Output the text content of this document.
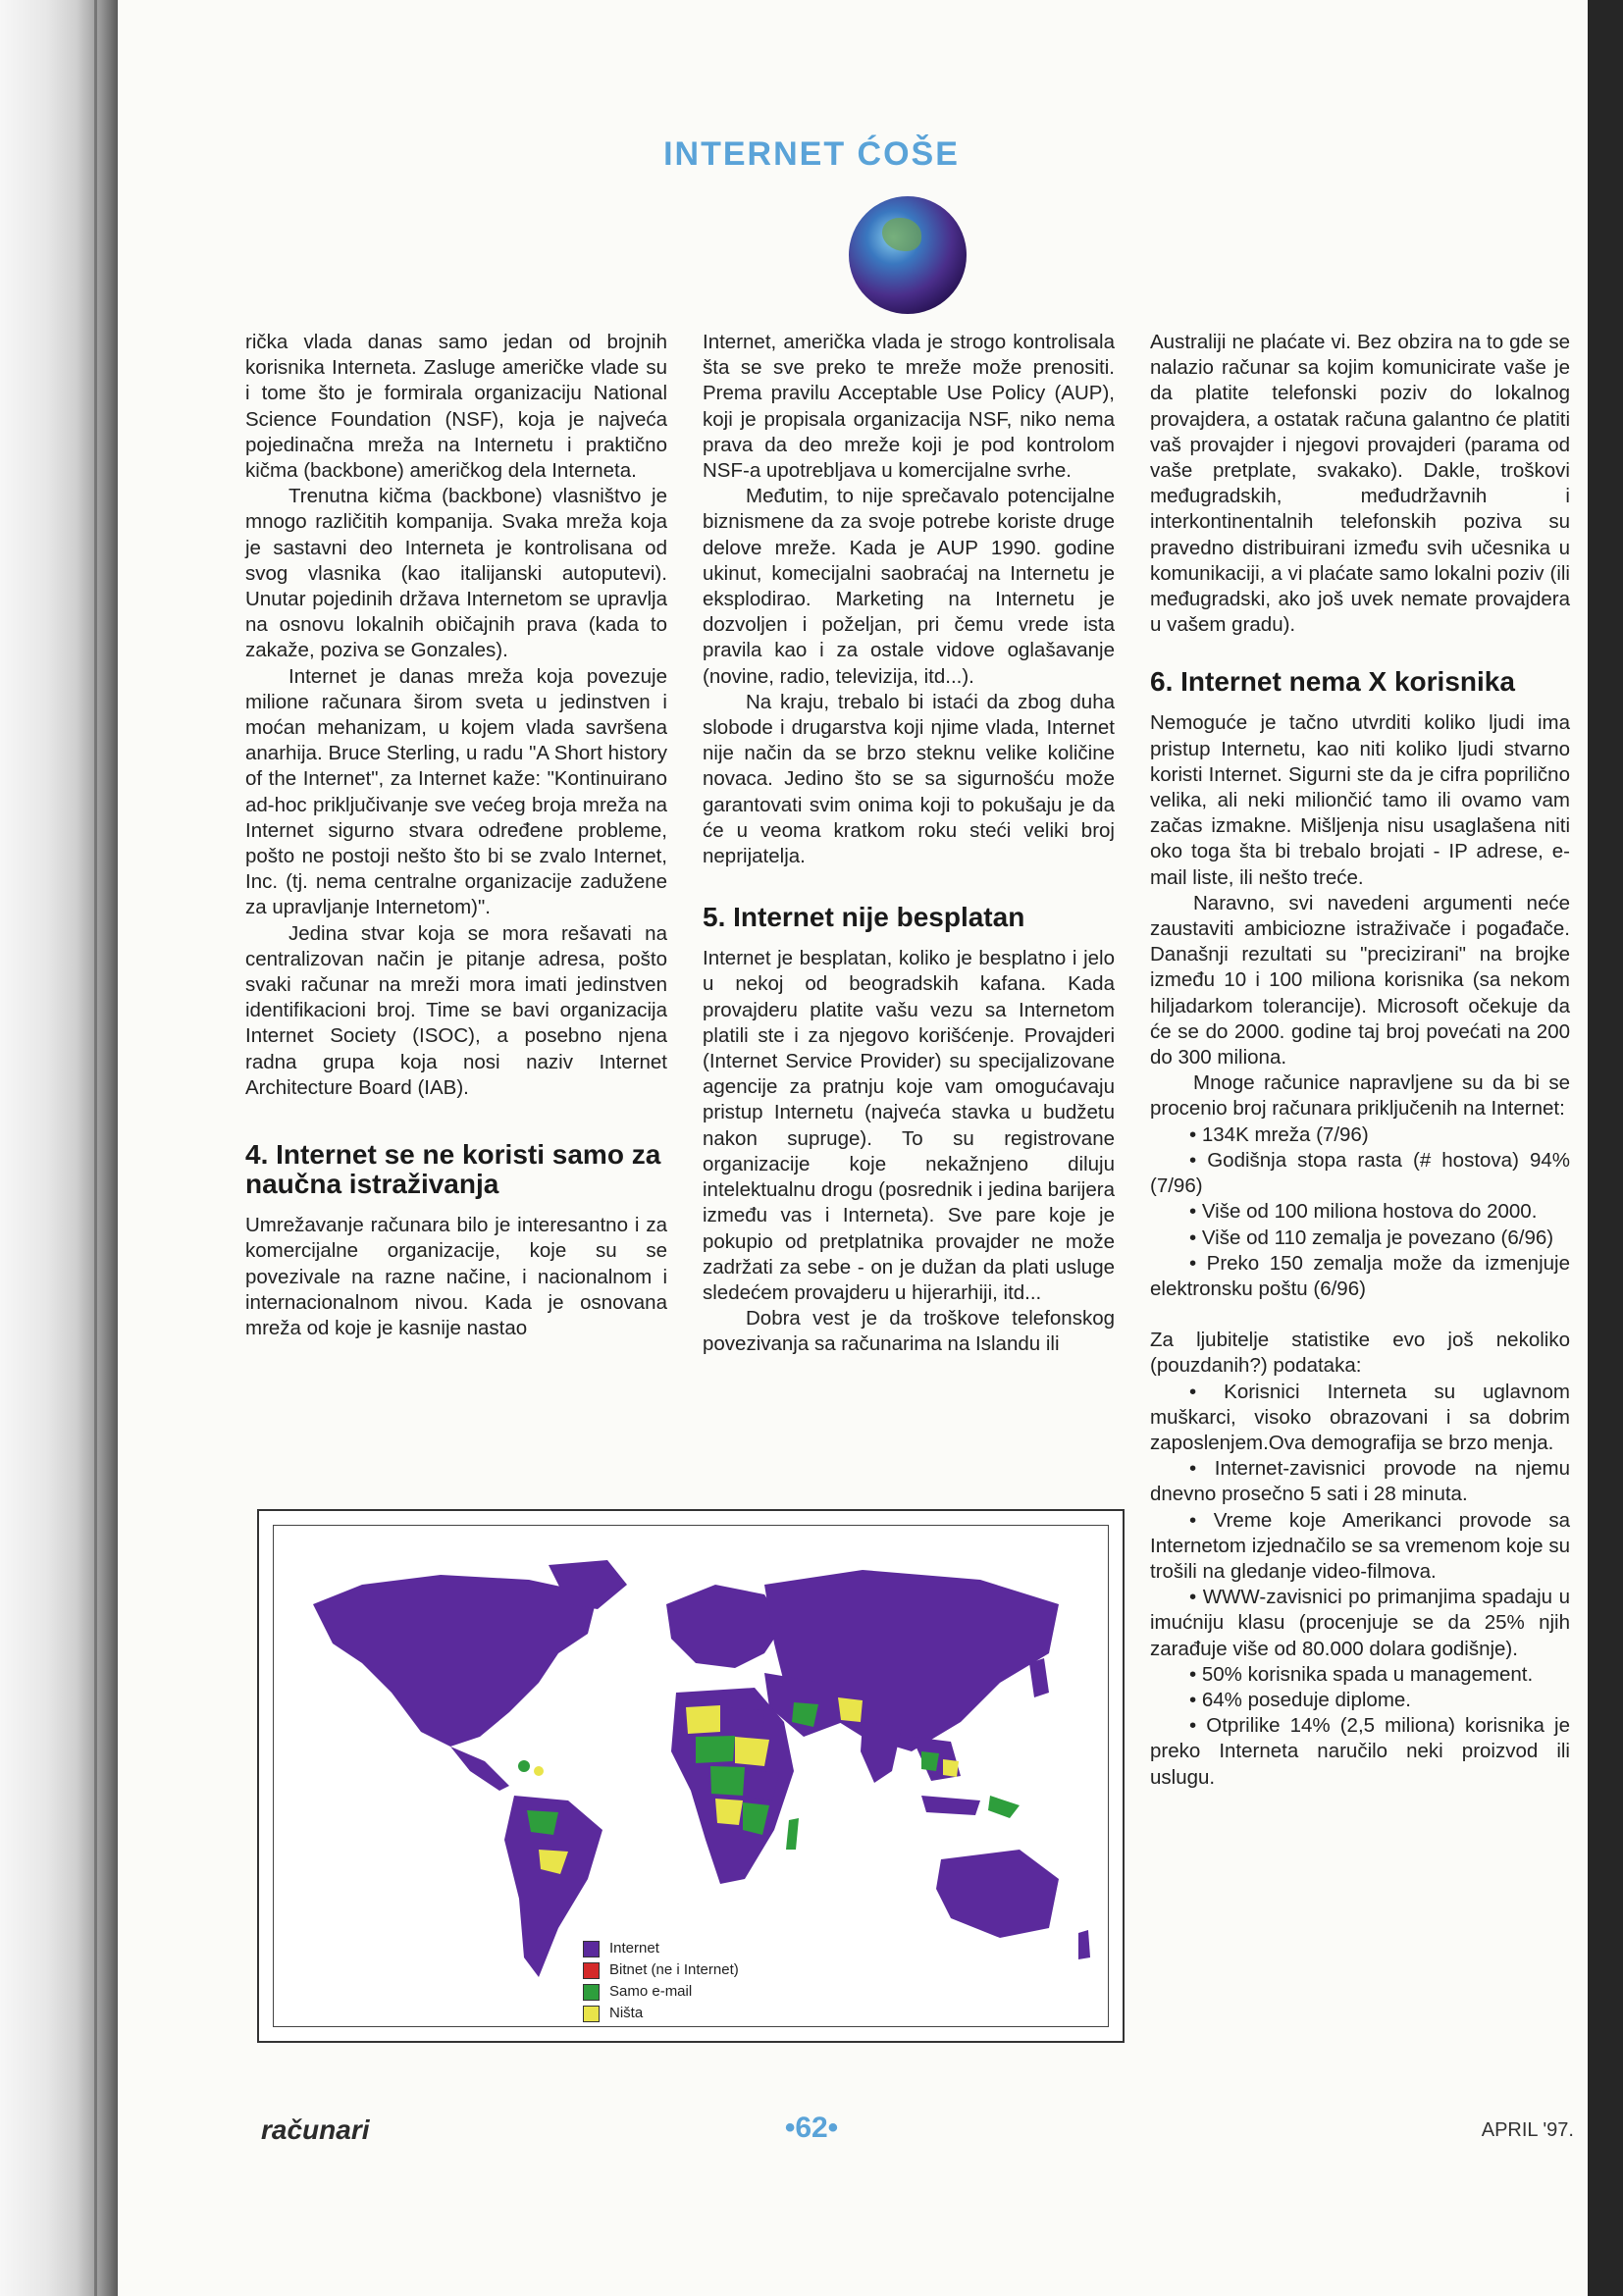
INTERNET ĆOŠE

rička vlada danas samo jedan od brojnih korisnika Interneta. Zasluge američke vlade su i tome što je formirala organizaciju National Science Foundation (NSF), koja je najveća pojedinačna mreža na Internetu i praktično kičma (backbone) američkog dela Interneta.

Trenutna kičma (backbone) vlasništvo je mnogo različitih kompanija. Svaka mreža koja je sastavni deo Interneta je kontrolisana od svog vlasnika (kao italijanski autoputevi). Unutar pojedinih država Internetom se upravlja na osnovu lokalnih običajnih prava (kada to zakaže, poziva se Gonzales).

Internet je danas mreža koja povezuje milione računara širom sveta u jedinstven i moćan mehanizam, u kojem vlada savršena anarhija. Bruce Sterling, u radu "A Short history of the Internet", za Internet kaže: "Kontinuirano ad-hoc priključivanje sve većeg broja mreža na Internet sigurno stvara određene probleme, pošto ne postoji nešto što bi se zvalo Internet, Inc. (tj. nema centralne organizacije zadužene za upravljanje Internetom)".

Jedina stvar koja se mora rešavati na centralizovan način je pitanje adresa, pošto svaki računar na mreži mora imati jedinstven identifikacioni broj. Time se bavi organizacija Internet Society (ISOC), a posebno njena radna grupa koja nosi naziv Internet Architecture Board (IAB).

4. Internet se ne koristi samo za naučna istraživanja

Umrežavanje računara bilo je interesantno i za komercijalne organizacije, koje su se povezivale na razne načine, i nacionalnom i internacionalnom nivou. Kada je osnovana mreža od koje je kasnije nastao

Internet, američka vlada je strogo kontrolisala šta se sve preko te mreže može prenositi. Prema pravilu Acceptable Use Policy (AUP), koji je propisala organizacija NSF, niko nema prava da deo mreže koji je pod kontrolom NSF-a upotrebljava u komercijalne svrhe.

Međutim, to nije sprečavalo potencijalne biznismene da za svoje potrebe koriste druge delove mreže. Kada je AUP 1990. godine ukinut, komecijalni saobraćaj na Internetu je eksplodirao. Marketing na Internetu je dozvoljen i poželjan, pri čemu vrede ista pravila kao i za ostale vidove oglašavanje (novine, radio, televizija, itd...).

Na kraju, trebalo bi istaći da zbog duha slobode i drugarstva koji njime vlada, Internet nije način da se brzo steknu velike količine novaca. Jedino što se sa sigurnošću može garantovati svim onima koji to pokušaju je da će u veoma kratkom roku steći veliki broj neprijatelja.

5. Internet nije besplatan

Internet je besplatan, koliko je besplatno i jelo u nekoj od beogradskih kafana. Kada provajderu platite vašu vezu sa Internetom platili ste i za njegovo korišćenje. Provajderi (Internet Service Provider) su specijalizovane agencije za pratnju koje vam omogućavaju pristup Internetu (najveća stavka u budžetu nakon supruge). To su registrovane organizacije koje nekažnjeno diluju intelektualnu drogu (posrednik i jedina barijera između vas i Interneta). Sve pare koje je pokupio od pretplatnika provajder ne može zadržati za sebe - on je dužan da plati usluge sledećem provajderu u hijerarhiji, itd...

Dobra vest je da troškove telefonskog povezivanja sa računarima na Islandu ili

Australiji ne plaćate vi. Bez obzira na to gde se nalazio računar sa kojim komunicirate vaše je da platite telefonski poziv do lokalnog provajdera, a ostatak računa galantno će platiti vaš provajder i njegovi provajderi (parama od vaše pretplate, svakako). Dakle, troškovi međugradskih, međudržavnih i interkontinentalnih telefonskih poziva su pravedno distribuirani između svih učesnika u komunikaciji, a vi plaćate samo lokalni poziv (ili međugradski, ako još uvek nemate provajdera u vašem gradu).

6. Internet nema X korisnika

Nemoguće je tačno utvrditi koliko ljudi ima pristup Internetu, kao niti koliko ljudi stvarno koristi Internet. Sigurni ste da je cifra poprilično velika, ali neki miliončić tamo ili ovamo vam začas izmakne. Mišljenja nisu usaglašena niti oko toga šta bi trebalo brojati - IP adrese, e-mail liste, ili nešto treće.

Naravno, svi navedeni argumenti neće zaustaviti ambiciozne istraživače i pogađače. Današnji rezultati su "precizirani" na brojke između 10 i 100 miliona korisnika (sa nekom hiljadarkom tolerancije). Microsoft očekuje da će se do 2000. godine taj broj povećati na 200 do 300 miliona.

Mnoge računice napravljene su da bi se procenio broj računara priključenih na Internet:

• 134K mreža (7/96)
• Godišnja stopa rasta (# hostova) 94% (7/96)
• Više od 100 miliona hostova do 2000.
• Više od 110 zemalja je povezano (6/96)
• Preko 150 zemalja može da izmenjuje elektronsku poštu (6/96)

Za ljubitelje statistike evo još nekoliko (pouzdanih?) podataka:

• Korisnici Interneta su uglavnom muškarci, visoko obrazovani i sa dobrim zaposlenjem.Ova demografija se brzo menja.
• Internet-zavisnici provode na njemu dnevno prosečno 5 sati i 28 minuta.
• Vreme koje Amerikanci provode sa Internetom izjednačilo se sa vremenom koje su trošili na gledanje video-filmova.
• WWW-zavisnici po primanjima spadaju u imućniju klasu (procenjuje se da 25% njih zarađuje više od 80.000 dolara godišnje).
• 50% korisnika spada u management.
• 64% poseduje diplome.
• Otprilike 14% (2,5 miliona) korisnika je preko Interneta naručilo neki proizvod ili uslugu.
Internet
Bitnet (ne i Internet)
Samo e-mail
Ništa
računari	•62•	APRIL '97.
